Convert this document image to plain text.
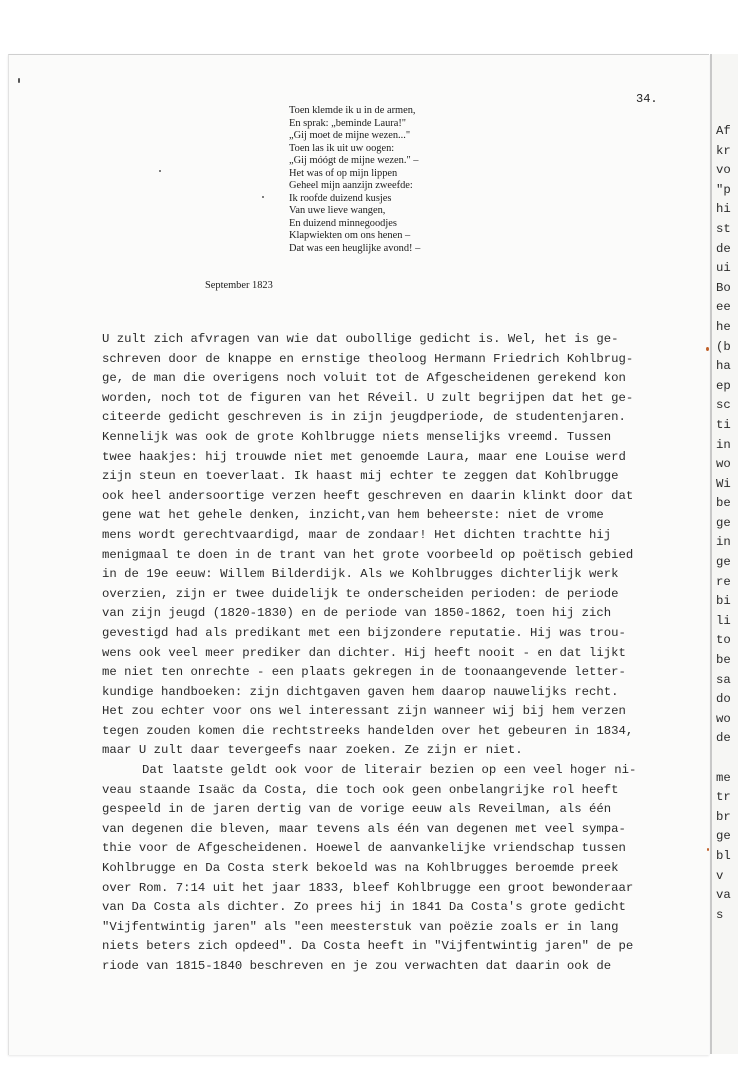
34.
Toen klemde ik u in de armen,
En sprak: „beminde Laura!"
„Gij moet de mijne wezen..."
Toen las ik uit uw oogen:
„Gij móógt de mijne wezen." –
Het was of op mijn lippen
Geheel mijn aanzijn zweefde:
Ik roofde duizend kusjes
Van uwe lieve wangen,
En duizend minnegoodjes
Klapwiekten om ons henen –
Dat was een heuglijke avond! –
September 1823
U zult zich afvragen van wie dat oubollige gedicht is. Wel, het is ge-
schreven door de knappe en ernstige theoloog Hermann Friedrich Kohlbrug-
ge, de man die overigens noch voluit tot de Afgescheidenen gerekend kon
worden, noch tot de figuren van het Réveil. U zult begrijpen dat het ge-
citeerde gedicht geschreven is in zijn jeugdperiode, de studentenjaren.
Kennelijk was ook de grote Kohlbrugge niets menselijks vreemd. Tussen
twee haakjes: hij trouwde niet met genoemde Laura, maar ene Louise werd
zijn steun en toeverlaat. Ik haast mij echter te zeggen dat Kohlbrugge
ook heel andersoortige verzen heeft geschreven en daarin klinkt door dat
gene wat het gehele denken, inzicht,van hem beheerste: niet de vrome
mens wordt gerechtvaardigd, maar de zondaar! Het dichten trachtte hij
menigmaal te doen in de trant van het grote voorbeeld op poëtisch gebied
in de 19e eeuw: Willem Bilderdijk. Als we Kohlbrugges dichterlijk werk
overzien, zijn er twee duidelijk te onderscheiden perioden: de periode
van zijn jeugd (1820-1830) en de periode van 1850-1862, toen hij zich
gevestigd had als predikant met een bijzondere reputatie. Hij was trou-
wens ook veel meer prediker dan dichter. Hij heeft nooit - en dat lijkt
me niet ten onrechte - een plaats gekregen in de toonaangevende letter-
kundige handboeken: zijn dichtgaven gaven hem daarop nauwelijks recht.
Het zou echter voor ons wel interessant zijn wanneer wij bij hem verzen
tegen zouden komen die rechtstreeks handelden over het gebeuren in 1834,
maar U zult daar tevergeefs naar zoeken. Ze zijn er niet.
Dat laatste geldt ook voor de literair bezien op een veel hoger ni-
veau staande Isaäc da Costa, die toch ook geen onbelangrijke rol heeft
gespeeld in de jaren dertig van de vorige eeuw als Reveilman, als één
van degenen die bleven, maar tevens als één van degenen met veel sympa-
thie voor de Afgescheidenen. Hoewel de aanvankelijke vriendschap tussen
Kohlbrugge en Da Costa sterk bekoeld was na Kohlbrugges beroemde preek
over Rom. 7:14 uit het jaar 1833, bleef Kohlbrugge een groot bewonderaar
van Da Costa als dichter. Zo prees hij in 1841 Da Costa's grote gedicht
"Vijfentwintig jaren" als "een meesterstuk van poëzie zoals er in lang
niets beters zich opdeed". Da Costa heeft in "Vijfentwintig jaren" de pe
riode van 1815-1840 beschreven en je zou verwachten dat daarin ook de
Af
kr
vo
"p
hi
st
de
ui
Bo
ee
he
(b
ha
ep
sc
ti
in
wo
Wi
be
ge
in
ge
re
bi
li
to
be
sa
do
wo
de
me
tr
br
ge
bl
v
va
s
